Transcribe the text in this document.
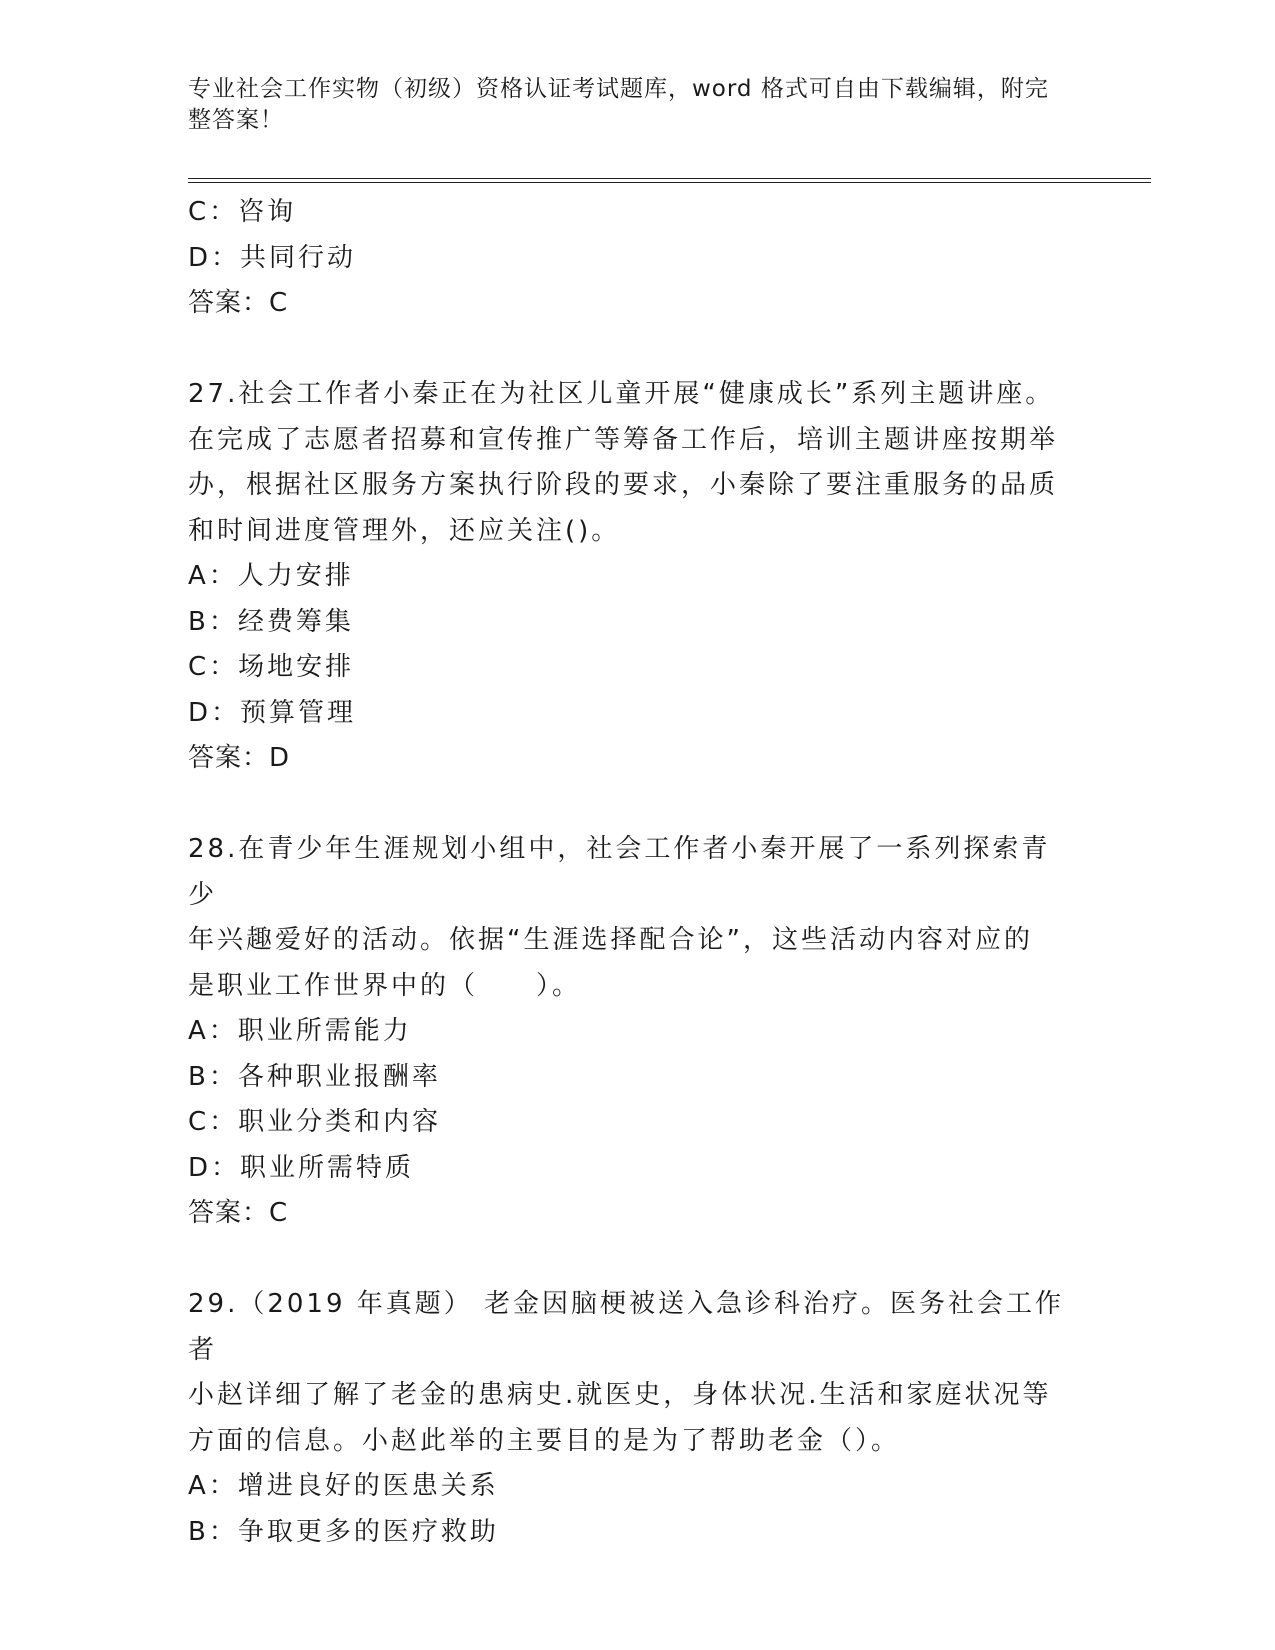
专业社会工作实物（初级）资格认证考试题库，word 格式可自由下载编辑，附完整答案！
C：咨询
D：共同行动
答案：C
27.社会工作者小秦正在为社区儿童开展“健康成长”系列主题讲座。
在完成了志愿者招募和宣传推广等筹备工作后，培训主题讲座按期举
办，根据社区服务方案执行阶段的要求，小秦除了要注重服务的品质
和时间进度管理外，还应关注()。
A：人力安排
B：经费筹集
C：场地安排
D：预算管理
答案：D
28.在青少年生涯规划小组中，社会工作者小秦开展了一系列探索青少
年兴趣爱好的活动。依据“生涯选择配合论”，这些活动内容对应的
是职业工作世界中的（　　）。
A：职业所需能力
B：各种职业报酬率
C：职业分类和内容
D：职业所需特质
答案：C
29.（2019 年真题） 老金因脑梗被送入急诊科治疗。医务社会工作者
小赵详细了解了老金的患病史.就医史，身体状况.生活和家庭状况等
方面的信息。小赵此举的主要目的是为了帮助老金（）。
A：增进良好的医患关系
B：争取更多的医疗救助
